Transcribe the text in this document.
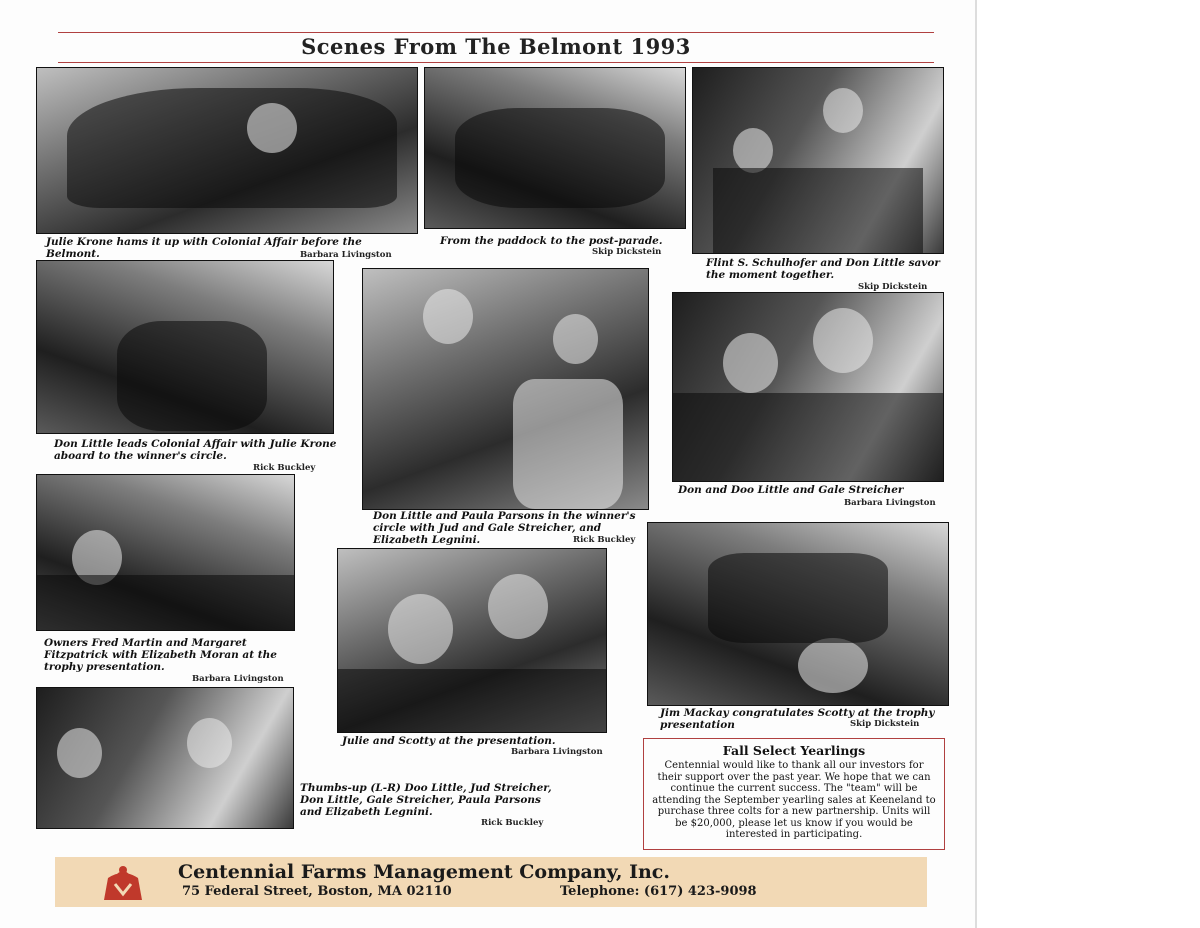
Scenes From The Belmont 1993
Julie Krone hams it up with Colonial Affair before the Belmont.	Barbara Livingston
From the paddock to the post-parade.
Skip Dickstein
Flint S. Schulhofer and Don Little savor the moment together.
Skip Dickstein
Don Little leads Colonial Affair with Julie Krone aboard to the winner's circle.
Rick Buckley
Don Little and Paula Parsons in the winner's circle with Jud and Gale Streicher, and Elizabeth Legnini.	Rick Buckley
Don and Doo Little and Gale Streicher
Barbara Livingston
Owners Fred Martin and Margaret Fitzpatrick with Elizabeth Moran at the trophy presentation.
Barbara Livingston
Julie and Scotty at the presentation.
Barbara Livingston
Jim Mackay congratulates Scotty at the trophy presentation	Skip Dickstein
Thumbs-up (L-R) Doo Little, Jud Streicher, Don Little, Gale Streicher, Paula Parsons and Elizabeth Legnini.
Rick Buckley
Fall Select Yearlings
Centennial would like to thank all our investors for their support over the past year. We hope that we can continue the current success. The "team" will be attending the September yearling sales at Keeneland to purchase three colts for a new partnership. Units will be $20,000, please let us know if you would be interested in participating.
Centennial Farms Management Company, Inc.
75 Federal Street, Boston, MA 02110	Telephone: (617) 423-9098
